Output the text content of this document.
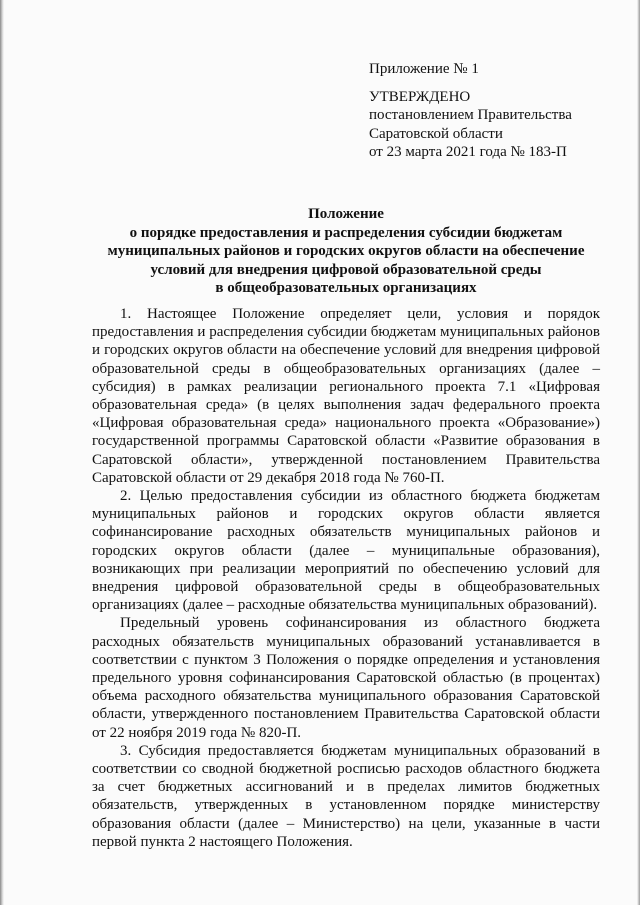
Приложение № 1
УТВЕРЖДЕНО
постановлением Правительства
Саратовской области
от 23 марта 2021 года № 183-П
Положение
о порядке предоставления и распределения субсидии бюджетам
муниципальных районов и городских округов области на обеспечение
условий для внедрения цифровой образовательной среды
в общеобразовательных организациях

1. Настоящее Положение определяет цели, условия и порядок предоставления и распределения субсидии бюджетам муниципальных районов и городских округов области на обеспечение условий для внедрения цифровой образовательной среды в общеобразовательных организациях (далее – субсидия) в рамках реализации регионального проекта 7.1 «Цифровая образовательная среда» (в целях выполнения задач федерального проекта «Цифровая образовательная среда» национального проекта «Образование») государственной программы Саратовской области «Развитие образования в Саратовской области», утвержденной постановлением Правительства Саратовской области от 29 декабря 2018 года № 760-П.

2. Целью предоставления субсидии из областного бюджета бюджетам муниципальных районов и городских округов области является софинансирование расходных обязательств муниципальных районов и городских округов области (далее – муниципальные образования), возникающих при реализации мероприятий по обеспечению условий для внедрения цифровой образовательной среды в общеобразовательных организациях (далее – расходные обязательства муниципальных образований).

Предельный уровень софинансирования из областного бюджета расходных обязательств муниципальных образований устанавливается в соответствии с пунктом 3 Положения о порядке определения и установления предельного уровня софинансирования Саратовской областью (в процентах) объема расходного обязательства муниципального образования Саратовской области, утвержденного постановлением Правительства Саратовской области от 22 ноября 2019 года № 820-П.

3. Субсидия предоставляется бюджетам муниципальных образований в соответствии со сводной бюджетной росписью расходов областного бюджета за счет бюджетных ассигнований и в пределах лимитов бюджетных обязательств, утвержденных в установленном порядке министерству образования области (далее – Министерство) на цели, указанные в части первой пункта 2 настоящего Положения.
